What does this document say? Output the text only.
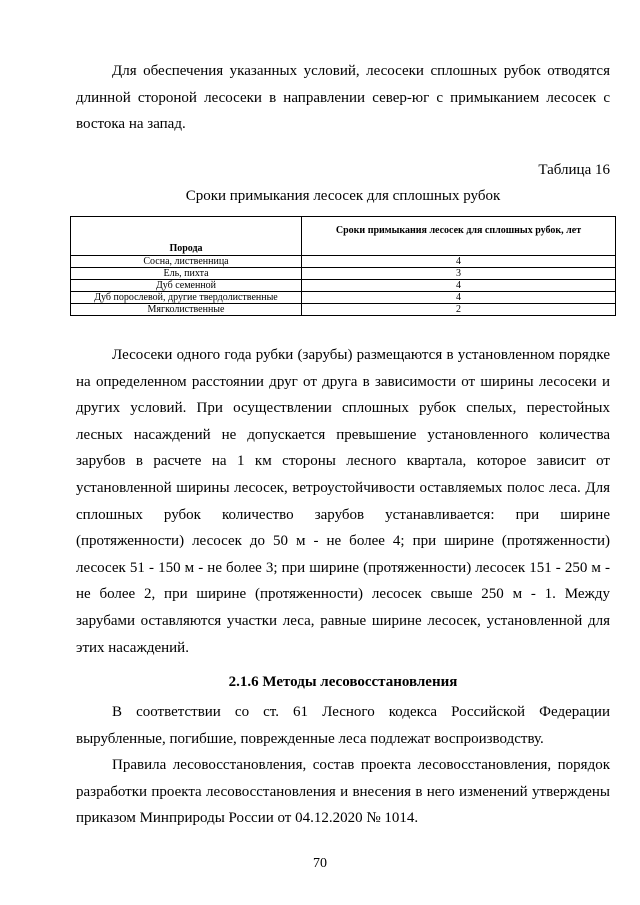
Для обеспечения указанных условий, лесосеки сплошных рубок отводятся длинной стороной лесосеки в направлении север-юг с примыканием лесосек с востока на запад.

Таблица 16

Сроки примыкания лесосек для сплошных рубок

Порода	Сроки примыкания лесосек для сплошных рубок, лет
Сосна, лиственница	4
Ель, пихта	3
Дуб семенной	4
Дуб порослевой, другие твердолиственные	4
Мягколиственные	2

Лесосеки одного года рубки (зарубы) размещаются в установленном порядке на определенном расстоянии друг от друга в зависимости от ширины лесосеки и других условий. При осуществлении сплошных рубок спелых, перестойных лесных насаждений не допускается превышение установленного количества зарубов в расчете на 1 км стороны лесного квартала, которое зависит от установленной ширины лесосек, ветроустойчивости оставляемых полос леса. Для сплошных рубок количество зарубов устанавливается: при ширине (протяженности) лесосек до 50 м - не более 4; при ширине (протяженности) лесосек 51 - 150 м - не более 3; при ширине (протяженности) лесосек 151 - 250 м - не более 2, при ширине (протяженности) лесосек свыше 250 м - 1. Между зарубами оставляются участки леса, равные ширине лесосек, установленной для этих насаждений.

2.1.6 Методы лесовосстановления

В соответствии со ст. 61 Лесного кодекса Российской Федерации вырубленные, погибшие, поврежденные леса подлежат воспроизводству.

Правила лесовосстановления, состав проекта лесовосстановления, порядок разработки проекта лесовосстановления и внесения в него изменений утверждены приказом Минприроды России от 04.12.2020 № 1014.

70
